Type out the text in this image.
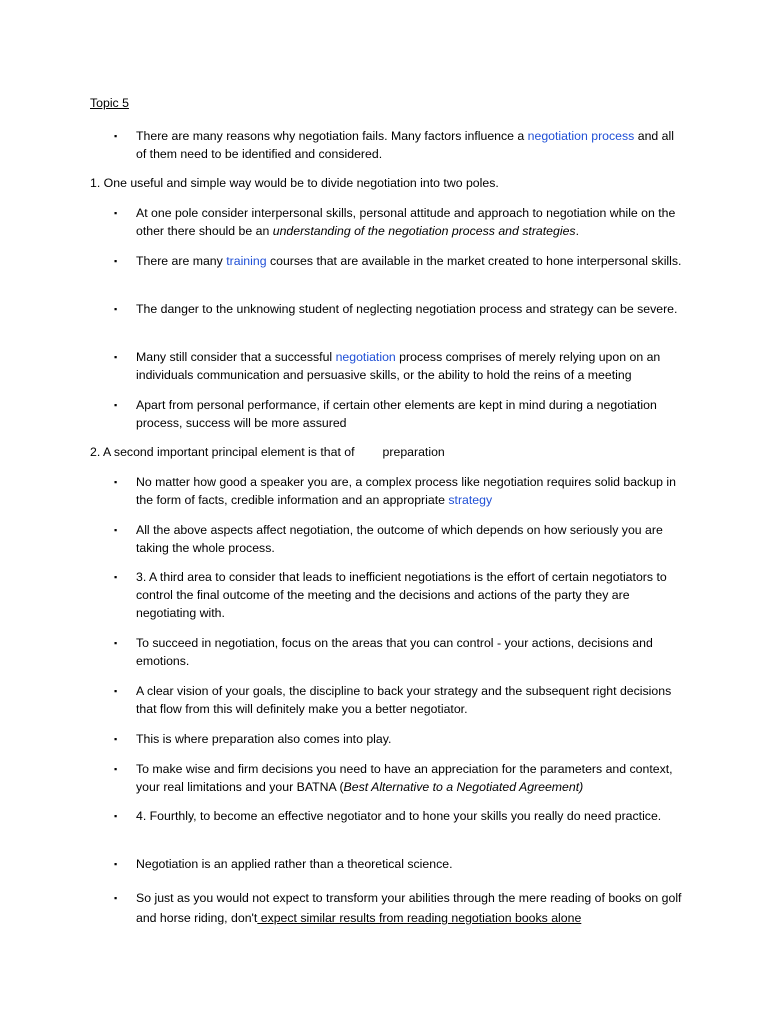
Topic 5
▪	There are many reasons why negotiation fails. Many factors influence a negotiation process and all of them need to be identified and considered.
1. One useful and simple way would be to divide negotiation into two poles.
▪	At one pole consider interpersonal skills, personal attitude and approach to negotiation while on the other there should be an understanding of the negotiation process and strategies.
▪	There are many training courses that are available in the market created to hone interpersonal skills.
▪	The danger to the unknowing student of neglecting negotiation process and strategy can be severe.
▪	Many still consider that a successful negotiation process comprises of merely relying upon on an individuals communication and persuasive skills, or the ability to hold the reins of a meeting
▪	Apart from personal performance, if certain other elements are kept in mind during a negotiation process, success will be more assured
2. A second important principal element is that of preparation
▪	No matter how good a speaker you are, a complex process like negotiation requires solid backup in the form of facts, credible information and an appropriate strategy
▪	All the above aspects affect negotiation, the outcome of which depends on how seriously you are taking the whole process.
▪	3. A third area to consider that leads to inefficient negotiations is the effort of certain negotiators to control the final outcome of the meeting and the decisions and actions of the party they are negotiating with.
▪	To succeed in negotiation, focus on the areas that you can control - your actions, decisions and emotions.
▪	A clear vision of your goals, the discipline to back your strategy and the subsequent right decisions that flow from this will definitely make you a better negotiator.
▪	This is where preparation also comes into play.
▪	To make wise and firm decisions you need to have an appreciation for the parameters and context, your real limitations and your BATNA (Best Alternative to a Negotiated Agreement)
▪	4. Fourthly, to become an effective negotiator and to hone your skills you really do need practice.
▪	Negotiation is an applied rather than a theoretical science.
▪	So just as you would not expect to transform your abilities through the mere reading of books on golf and horse riding, don't expect similar results from reading negotiation books alone
